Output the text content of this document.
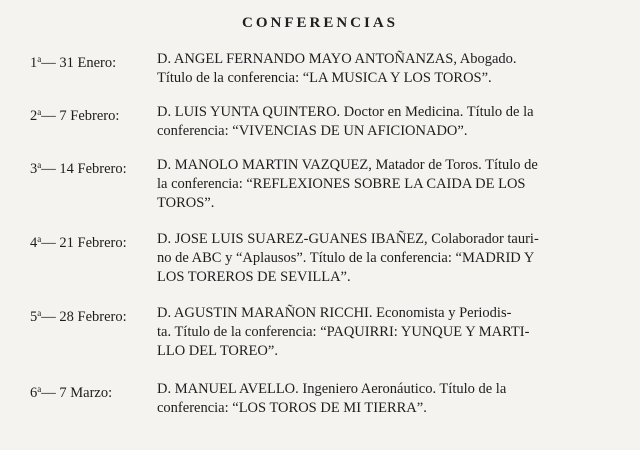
CONFERENCIAS
1$^a$— 31 Enero:	D. ANGEL FERNANDO MAYO ANTOÑANZAS, Abogado.
Título de la conferencia: “LA MUSICA Y LOS TOROS”.
2$^a$— 7 Febrero:	D. LUIS YUNTA QUINTERO. Doctor en Medicina. Título de la
conferencia: “VIVENCIAS DE UN AFICIONADO”.
3$^a$— 14 Febrero:	D. MANOLO MARTIN VAZQUEZ, Matador de Toros. Título de
la conferencia: “REFLEXIONES SOBRE LA CAIDA DE LOS
TOROS”.
4$^a$— 21 Febrero:	D. JOSE LUIS SUAREZ-GUANES IBAÑEZ, Colaborador tauri-
no de ABC y “Aplausos”. Título de la conferencia: “MADRID Y
LOS TOREROS DE SEVILLA”.
5$^a$— 28 Febrero:	D. AGUSTIN MARAÑON RICCHI. Economista y Periodis-
ta. Título de la conferencia: “PAQUIRRI: YUNQUE Y MARTI-
LLO DEL TOREO”.
6$^a$— 7 Marzo:	D. MANUEL AVELLO. Ingeniero Aeronáutico. Título de la
conferencia: “LOS TOROS DE MI TIERRA”.
